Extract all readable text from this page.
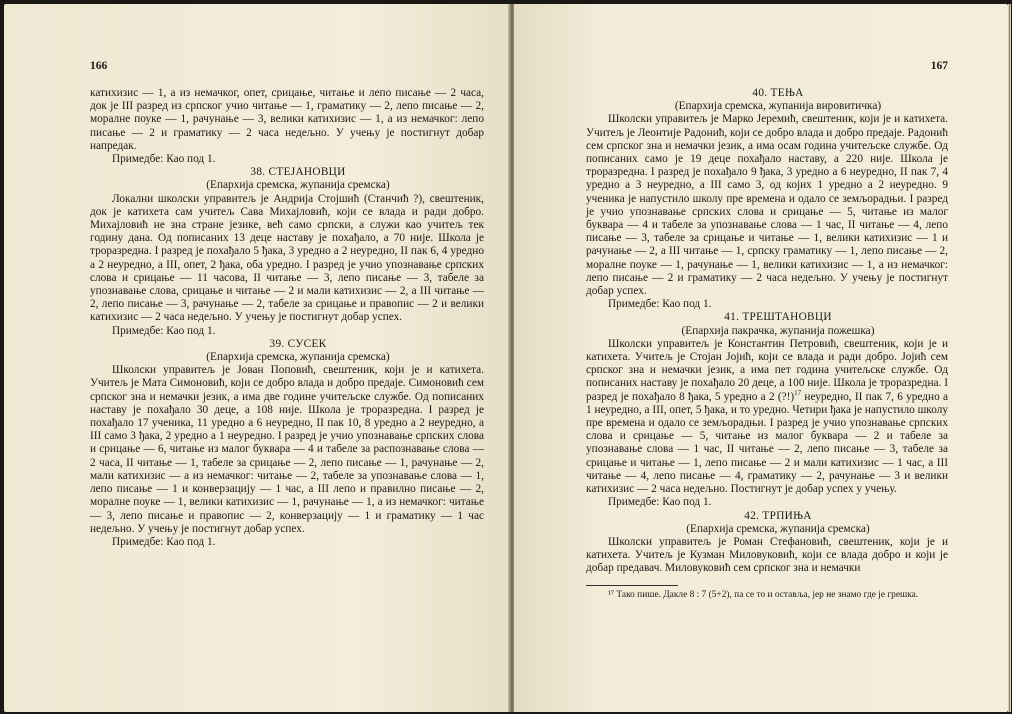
166

катихизис — 1, а из немачког, опет, срицање, читање и лепо писање — 2 часа, док је III разред из српског учио читање — 1, граматику — 2, лепо писање — 2, моралне поуке — 1, рачунање — 3, велики катихизис — 1, а из немачког: лепо писање — 2 и граматику — 2 часа недељно. У учењу је постигнут добар напредак.

Примедбе: Као под 1.

38. СТЕЈАНОВЦИ

(Епархија сремска, жупанија сремска)

Локални школски управитељ је Андрија Стојшић (Станчић ?), свештеник, док је катихета сам учитељ Сава Михајловић, који се влада и ради добро. Михајловић не зна стране језике, већ само српски, а служи као учитељ тек годину дана. Од пописаних 13 деце наставу је похађало, а 70 није. Школа је трoразредна. I разред је похађало 5 ђака, 3 уредно а 2 неуредно, II пак 6, 4 уредно а 2 неуредно, а III, опет, 2 ђака, оба уредно. I разред је учио упознавање српских слова и срицање — 11 часова, II читање — 3, лепо писање — 3, табеле за упознавање слова, срицање и читање — 2 и мали катихизис — 2, а III читање — 2, лепо писање — 3, рачунање — 2, табеле за срицање и правопис — 2 и велики катихизис — 2 часа недељно. У учењу је постигнут добар успех.

Примедбе: Као под 1.

39. СУСЕК

(Епархија сремска, жупанија сремска)

Школски управитељ је Јован Поповић, свештеник, који је и катихета. Учитељ је Мата Симоновић, који се добро влада и добро предаје. Симоновић сем српског зна и немачки језик, а има две године учитељске службе. Од пописаних наставу је похађало 30 деце, а 108 није. Школа је трoразредна. I разред је похађало 17 ученика, 11 уредно а 6 неуредно, II пак 10, 8 уредно а 2 неуредно, а III само 3 ђака, 2 уредно а 1 неуредно. I разред је учио упознавање српских слова и срицање — 6, читање из малог буквара — 4 и табеле за распознавање слова — 2 часа, II читање — 1, табеле за срицање — 2, лепо писање — 1, рачунање — 2, мали катихизис — а из немачког: читање — 2, табеле за упознавање слова — 1, лепо писање — 1 и конверзацију — 1 час, а III лепо и правилно писање — 2, моралне поуке — 1, велики катихизис — 1, рачунање — 1, а из немачког: читање — 3, лепо писање и правопис — 2, конверзацију — 1 и граматику — 1 час недељно. У учењу је постигнут добар успех.

Примедбе: Као под 1.

167

40. ТЕЊА

(Епархија сремска, жупанија вировитичка)

Школски управитељ је Марко Јеремић, свештеник, који је и катихета. Учитељ је Леонтије Радонић, који се добро влада и добро предаје. Радонић сем српског зна и немачки језик, а има осам година учитељске службе. Од пописаних само је 19 деце похађало наставу, а 220 није. Школа је трoразредна. I разред је похађало 9 ђака, 3 уредно а 6 неуредно, II пак 7, 4 уредно а 3 неуредно, а III само 3, од којих 1 уредно а 2 неуредно. 9 ученика је напустило школу пре времена и одало се земљорадњи. I разред је учио упознавање српских слова и срицање — 5, читање из малог буквара — 4 и табеле за упознавање слова — 1 час, II читање — 4, лепо писање — 3, табеле за срицање и читање — 1, велики катихизис — 1 и рачунање — 2, а III читање — 1, српску граматику — 1, лепо писање — 2, моралне поуке — 1, рачунање — 1, велики катихизис — 1, а из немачког: лепо писање — 2 и граматику — 2 часа недељно. У учењу је постигнут добар успех.

Примедбе: Као под 1.

41. ТРЕШТАНОВЦИ

(Епархија пакрачка, жупанија пожешка)

Школски управитељ је Константин Петровић, свештеник, који је и катихета. Учитељ је Стојан Јојић, који се влада и ради добро. Јојић сем српског зна и немачки језик, а има пет година учитељске службе. Од пописаних наставу је похађало 20 деце, а 100 није. Школа је трoразредна. I разред је похађало 8 ђака, 5 уредно а 2 (?!)$^{17}$ неуредно, II пак 7, 6 уредно а 1 неуредно, а III, опет, 5 ђака, и то уредно. Четири ђака је напустило школу пре времена и одало се земљорадњи. I разред је учио упознавање српских слова и срицање — 5, читање из малог буквара — 2 и табеле за упознавање слова — 1 час, II читање — 2, лепо писање — 3, табеле за срицање и читање — 1, лепо писање — 2 и мали катихизис — 1 час, а III читање — 4, лепо писање — 4, граматику — 2, рачунање — 3 и велики катихизис — 2 часа недељно. Постигнут је добар успех у учењу.

Примедбе: Као под 1.

42. ТРПИЊА

(Епархија сремска, жупанија сремска)

Школски управитељ је Роман Стефановић, свештеник, који је и катихета. Учитељ је Кузман Миловуковић, који се влада добро и који је добар предавач. Миловуковић сем српског зна и немачки

¹⁷ Тако пише. Дакле 8 : 7 (5+2), па се то и оставља, јер не знамо где је грешка.
